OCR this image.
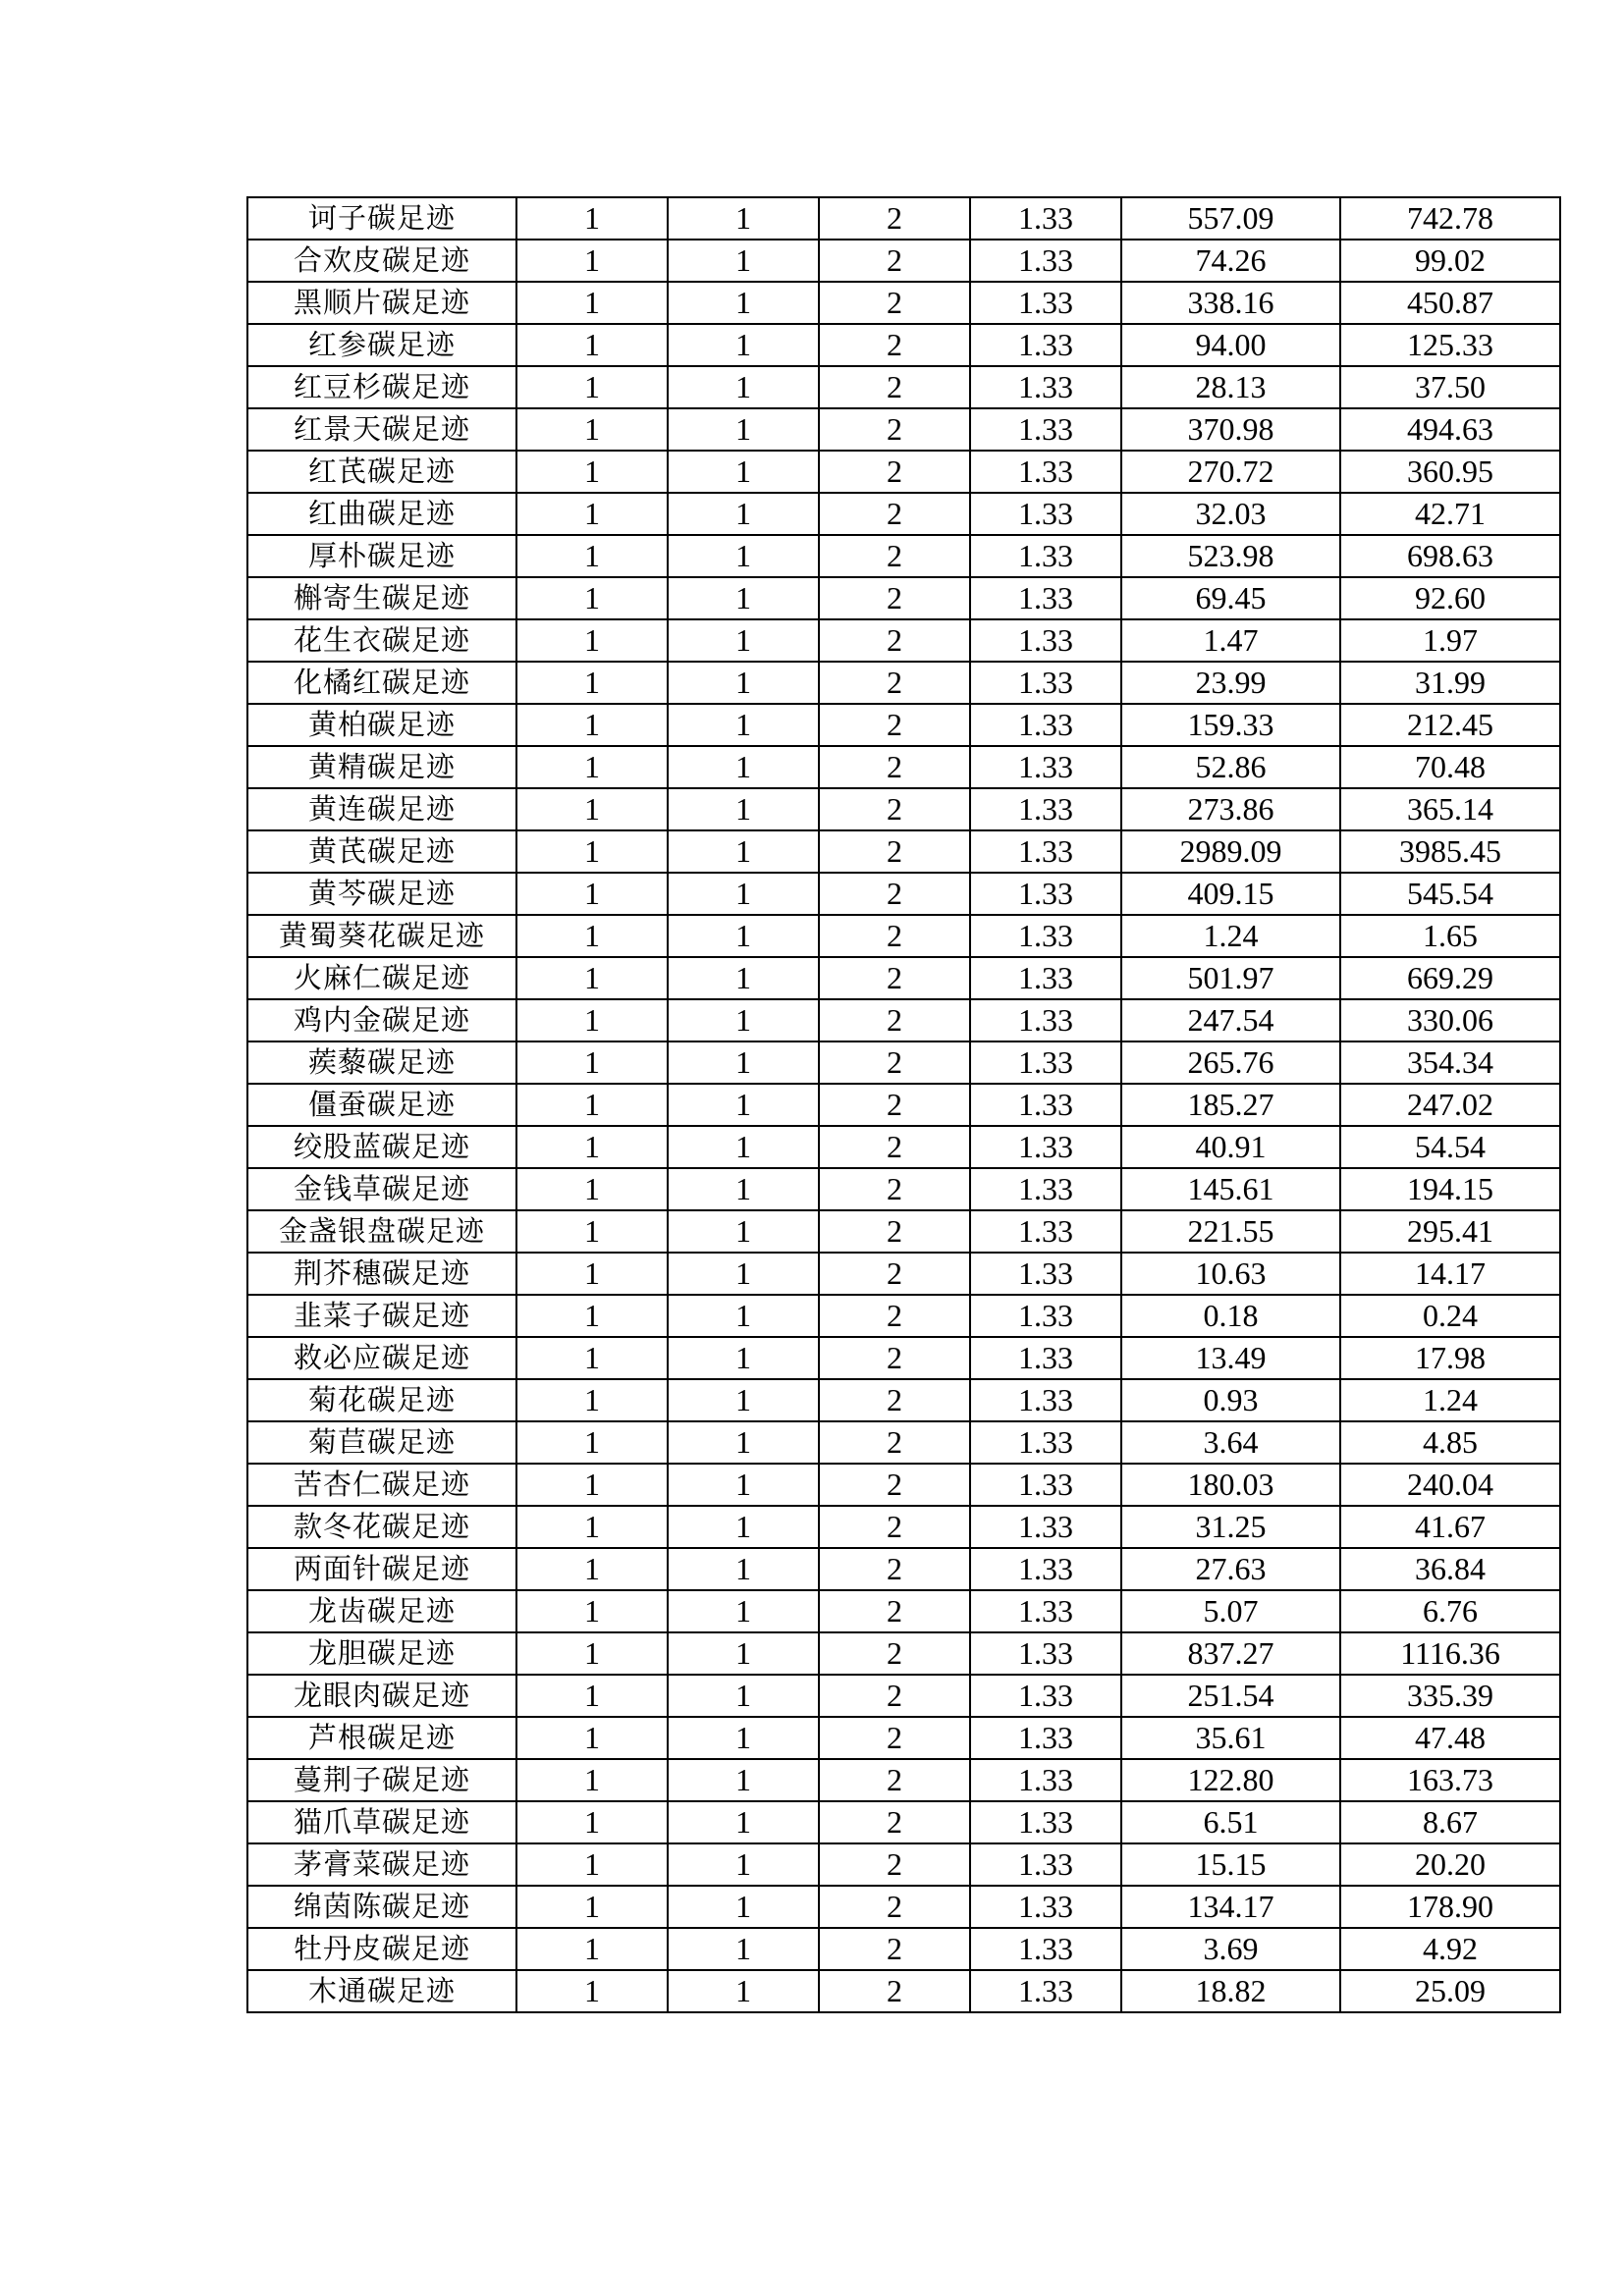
诃子碳足迹	1	1	2	1.33	557.09	742.78
合欢皮碳足迹	1	1	2	1.33	74.26	99.02
黑顺片碳足迹	1	1	2	1.33	338.16	450.87
红参碳足迹	1	1	2	1.33	94.00	125.33
红豆杉碳足迹	1	1	2	1.33	28.13	37.50
红景天碳足迹	1	1	2	1.33	370.98	494.63
红芪碳足迹	1	1	2	1.33	270.72	360.95
红曲碳足迹	1	1	2	1.33	32.03	42.71
厚朴碳足迹	1	1	2	1.33	523.98	698.63
槲寄生碳足迹	1	1	2	1.33	69.45	92.60
花生衣碳足迹	1	1	2	1.33	1.47	1.97
化橘红碳足迹	1	1	2	1.33	23.99	31.99
黄柏碳足迹	1	1	2	1.33	159.33	212.45
黄精碳足迹	1	1	2	1.33	52.86	70.48
黄连碳足迹	1	1	2	1.33	273.86	365.14
黄芪碳足迹	1	1	2	1.33	2989.09	3985.45
黄芩碳足迹	1	1	2	1.33	409.15	545.54
黄蜀葵花碳足迹	1	1	2	1.33	1.24	1.65
火麻仁碳足迹	1	1	2	1.33	501.97	669.29
鸡内金碳足迹	1	1	2	1.33	247.54	330.06
蒺藜碳足迹	1	1	2	1.33	265.76	354.34
僵蚕碳足迹	1	1	2	1.33	185.27	247.02
绞股蓝碳足迹	1	1	2	1.33	40.91	54.54
金钱草碳足迹	1	1	2	1.33	145.61	194.15
金盏银盘碳足迹	1	1	2	1.33	221.55	295.41
荆芥穗碳足迹	1	1	2	1.33	10.63	14.17
韭菜子碳足迹	1	1	2	1.33	0.18	0.24
救必应碳足迹	1	1	2	1.33	13.49	17.98
菊花碳足迹	1	1	2	1.33	0.93	1.24
菊苣碳足迹	1	1	2	1.33	3.64	4.85
苦杏仁碳足迹	1	1	2	1.33	180.03	240.04
款冬花碳足迹	1	1	2	1.33	31.25	41.67
两面针碳足迹	1	1	2	1.33	27.63	36.84
龙齿碳足迹	1	1	2	1.33	5.07	6.76
龙胆碳足迹	1	1	2	1.33	837.27	1116.36
龙眼肉碳足迹	1	1	2	1.33	251.54	335.39
芦根碳足迹	1	1	2	1.33	35.61	47.48
蔓荆子碳足迹	1	1	2	1.33	122.80	163.73
猫爪草碳足迹	1	1	2	1.33	6.51	8.67
茅膏菜碳足迹	1	1	2	1.33	15.15	20.20
绵茵陈碳足迹	1	1	2	1.33	134.17	178.90
牡丹皮碳足迹	1	1	2	1.33	3.69	4.92
木通碳足迹	1	1	2	1.33	18.82	25.09
